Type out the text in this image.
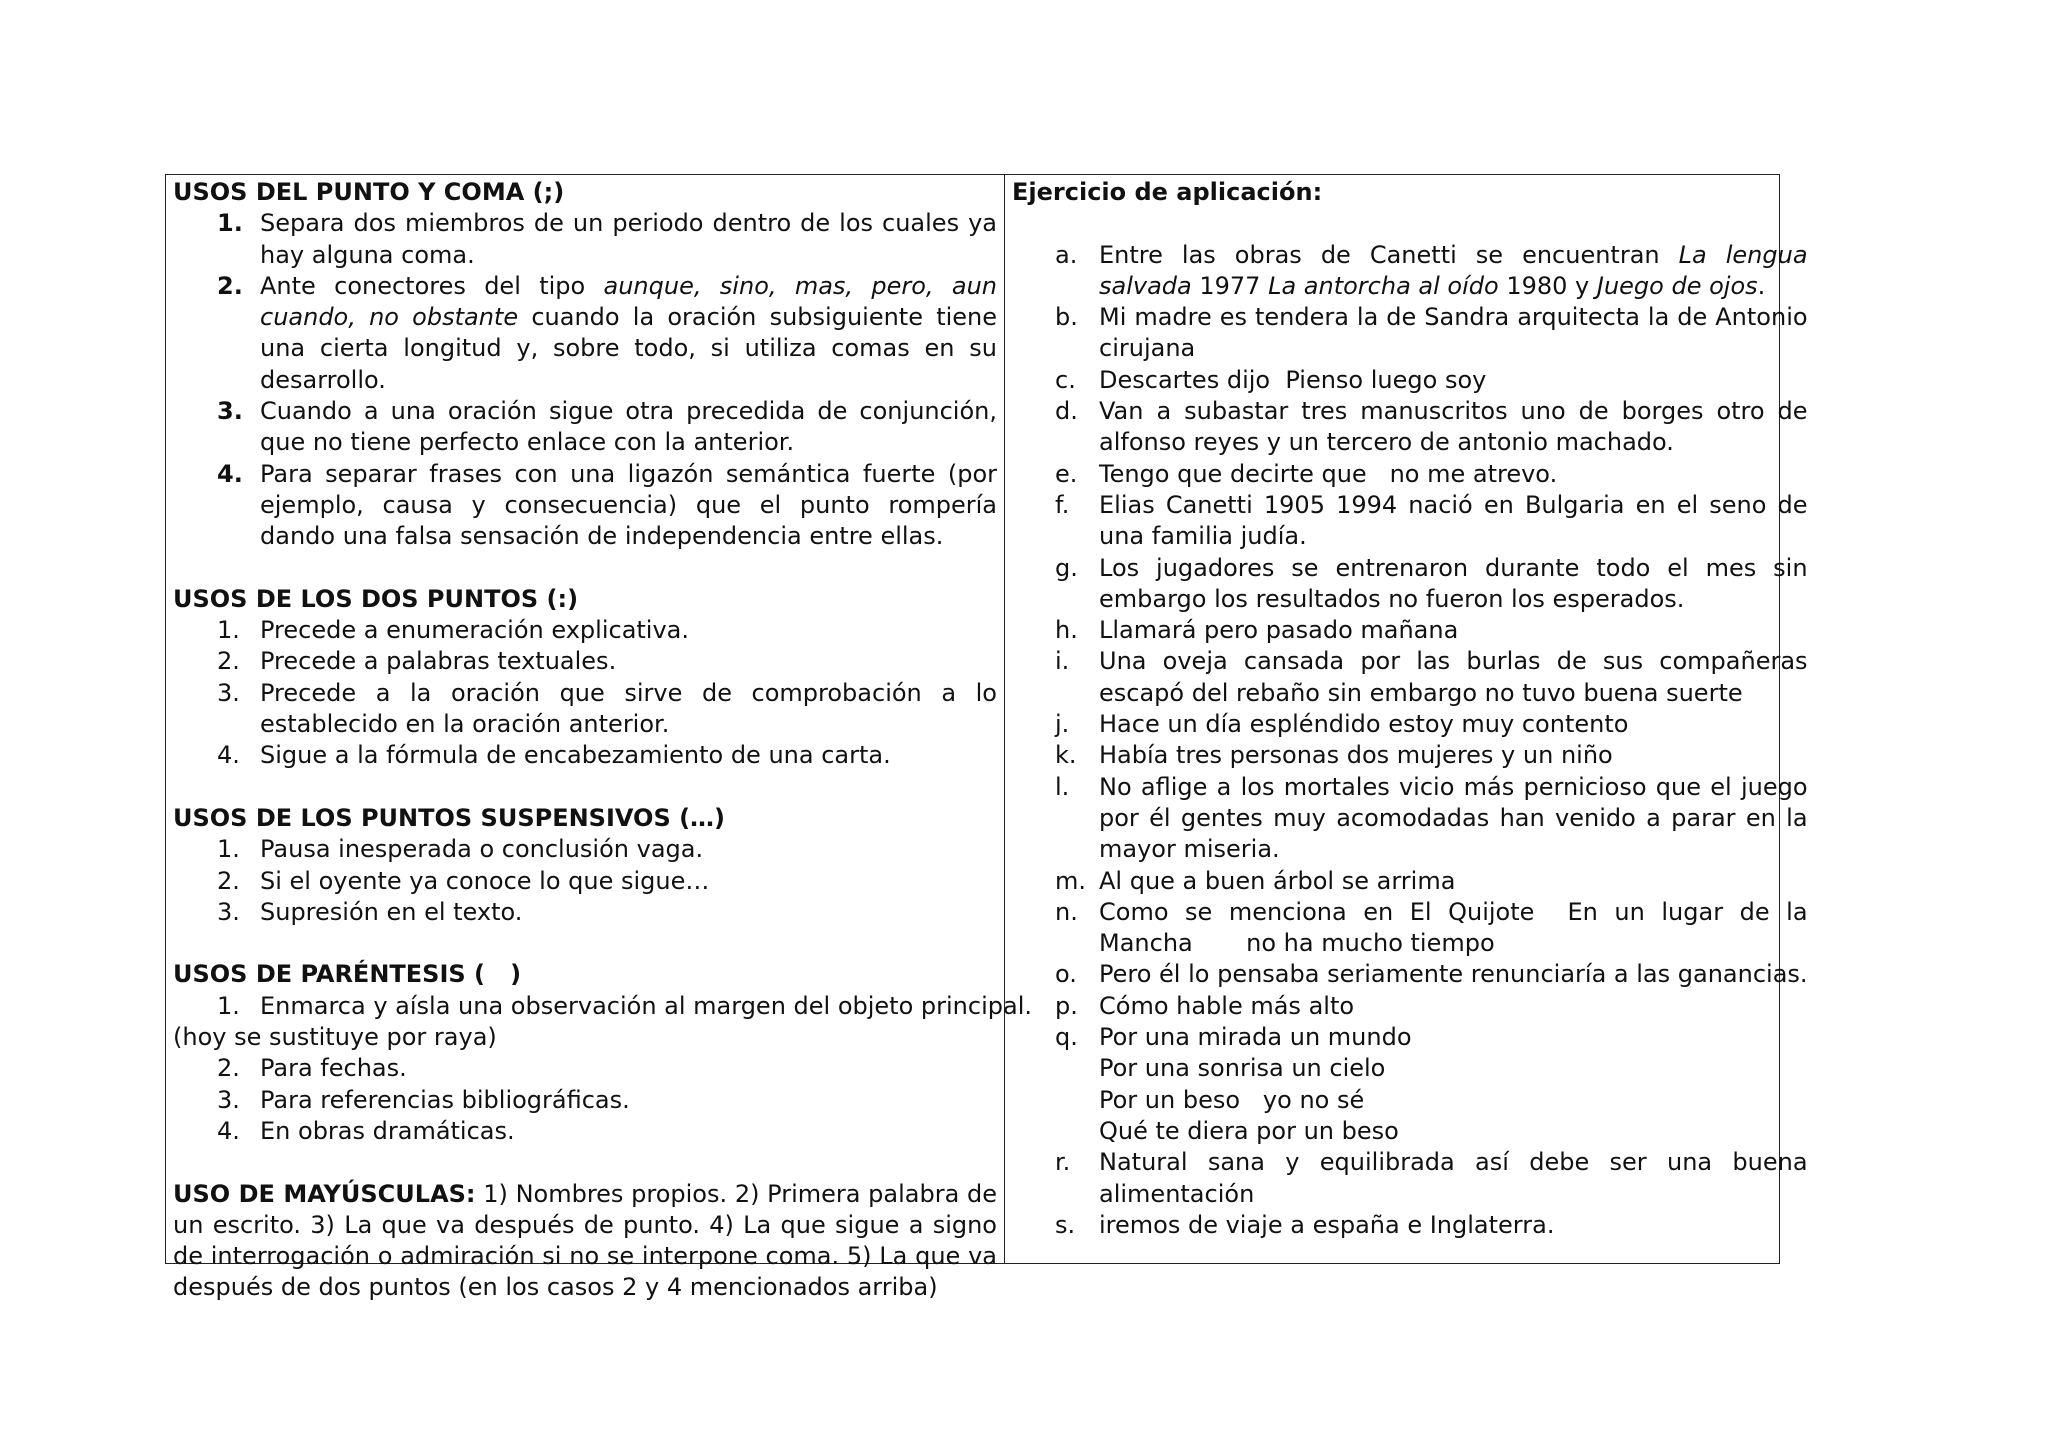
USOS DEL PUNTO Y COMA (;)
1. Separa dos miembros de un periodo dentro de los cuales ya hay alguna coma.
2. Ante conectores del tipo aunque, sino, mas, pero, aun cuando, no obstante cuando la oración subsiguiente tiene una cierta longitud y, sobre todo, si utiliza comas en su desarrollo.
3. Cuando a una oración sigue otra precedida de conjunción, que no tiene perfecto enlace con la anterior.
4. Para separar frases con una ligazón semántica fuerte (por ejemplo, causa y consecuencia) que el punto rompería dando una falsa sensación de independencia entre ellas.
USOS DE LOS DOS PUNTOS (:)
1. Precede a enumeración explicativa.
2. Precede a palabras textuales.
3. Precede a la oración que sirve de comprobación a lo establecido en la oración anterior.
4. Sigue a la fórmula de encabezamiento de una carta.
USOS DE LOS PUNTOS SUSPENSIVOS (…)
1. Pausa inesperada o conclusión vaga.
2. Si el oyente ya conoce lo que sigue…
3. Supresión en el texto.
USOS DE PARÉNTESIS (   )
1. Enmarca y aísla una observación al margen del objeto principal.
(hoy se sustituye por raya)
2. Para fechas.
3. Para referencias bibliográficas.
4. En obras dramáticas.
USO DE MAYÚSCULAS: 1) Nombres propios. 2) Primera palabra de un escrito. 3) La que va después de punto. 4) La que sigue a signo de interrogación o admiración si no se interpone coma. 5) La que va después de dos puntos (en los casos 2 y 4 mencionados arriba)
Ejercicio de aplicación:
a. Entre las obras de Canetti se encuentran La lengua salvada 1977 La antorcha al oído 1980 y Juego de ojos.
b. Mi madre es tendera la de Sandra arquitecta la de Antonio cirujana
c. Descartes dijo  Pienso luego soy
d. Van a subastar tres manuscritos uno de borges otro de alfonso reyes y un tercero de antonio machado.
e. Tengo que decirte que   no me atrevo.
f.	Elias Canetti 1905 1994 nació en Bulgaria en el seno de una familia judía.
g. Los jugadores se entrenaron durante todo el mes sin embargo los resultados no fueron los esperados.
h. Llamará pero pasado mañana
i.	Una oveja cansada por las burlas de sus compañeras escapó del rebaño sin embargo no tuvo buena suerte
j.	Hace un día espléndido estoy muy contento
k. Había tres personas dos mujeres y un niño
l.	No aflige a los mortales vicio más pernicioso que el juego por él gentes muy acomodadas han venido a parar en la mayor miseria.
m. Al que a buen árbol se arrima
n. Como se menciona en El Quijote  En un lugar de la Mancha       no ha mucho tiempo
o. Pero él lo pensaba seriamente renunciaría a las ganancias.
p. Cómo hable más alto
q. Por una mirada un mundo
Por una sonrisa un cielo
Por un beso   yo no sé
Qué te diera por un beso
r.	Natural sana y equilibrada así debe ser una buena alimentación
s. iremos de viaje a españa e Inglaterra.
